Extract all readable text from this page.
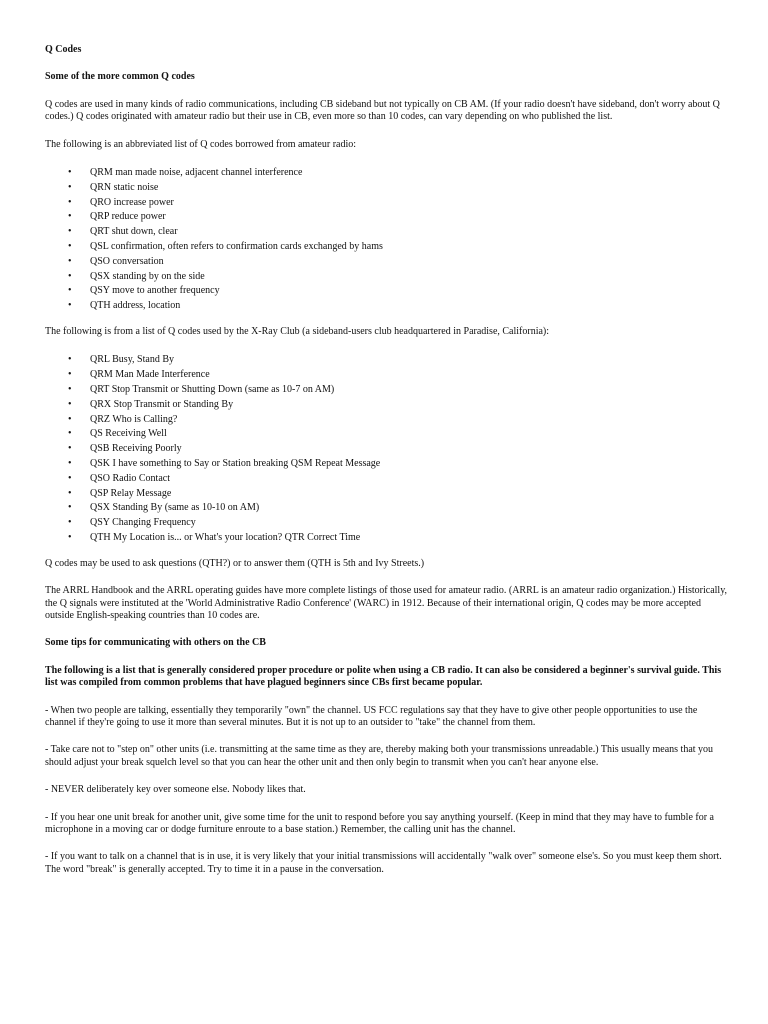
Q Codes
Some of the more common Q codes

Q codes are used in many kinds of radio communications, including CB sideband but not typically on CB AM. (If your radio doesn't have sideband, don't worry about Q codes.) Q codes originated with amateur radio but their use in CB, even more so than 10 codes, can vary depending on who published the list.

The following is an abbreviated list of Q codes borrowed from amateur radio:

• QRM man made noise, adjacent channel interference
• QRN static noise
• QRO increase power
• QRP reduce power
• QRT shut down, clear
• QSL confirmation, often refers to confirmation cards exchanged by hams
• QSO conversation
• QSX standing by on the side
• QSY move to another frequency
• QTH address, location

The following is from a list of Q codes used by the X-Ray Club (a sideband-users club headquartered in Paradise, California):

• QRL Busy, Stand By
• QRM Man Made Interference
• QRT Stop Transmit or Shutting Down (same as 10-7 on AM)
• QRX Stop Transmit or Standing By
• QRZ Who is Calling?
• QS Receiving Well
• QSB Receiving Poorly
• QSK I have something to Say or Station breaking QSM Repeat Message
• QSO Radio Contact
• QSP Relay Message
• QSX Standing By (same as 10-10 on AM)
• QSY Changing Frequency
• QTH My Location is... or What's your location? QTR Correct Time

Q codes may be used to ask questions (QTH?) or to answer them (QTH is 5th and Ivy Streets.)

The ARRL Handbook and the ARRL operating guides have more complete listings of those used for amateur radio. (ARRL is an amateur radio organization.) Historically, the Q signals were instituted at the 'World Administrative Radio Conference' (WARC) in 1912. Because of their international origin, Q codes may be more accepted outside English-speaking countries than 10 codes are.

Some tips for communicating with others on the CB

The following is a list that is generally considered proper procedure or polite when using a CB radio. It can also be considered a beginner's survival guide. This list was compiled from common problems that have plagued beginners since CBs first became popular.

- When two people are talking, essentially they temporarily "own" the channel. US FCC regulations say that they have to give other people opportunities to use the channel if they're going to use it more than several minutes. But it is not up to an outsider to "take" the channel from them.

- Take care not to "step on" other units (i.e. transmitting at the same time as they are, thereby making both your transmissions unreadable.) This usually means that you should adjust your break squelch level so that you can hear the other unit and then only begin to transmit when you can't hear anyone else.

- NEVER deliberately key over someone else. Nobody likes that.

- If you hear one unit break for another unit, give some time for the unit to respond before you say anything yourself. (Keep in mind that they may have to fumble for a microphone in a moving car or dodge furniture enroute to a base station.) Remember, the calling unit has the channel.

- If you want to talk on a channel that is in use, it is very likely that your initial transmissions will accidentally "walk over" someone else's. So you must keep them short. The word "break" is generally accepted. Try to time it in a pause in the conversation.
